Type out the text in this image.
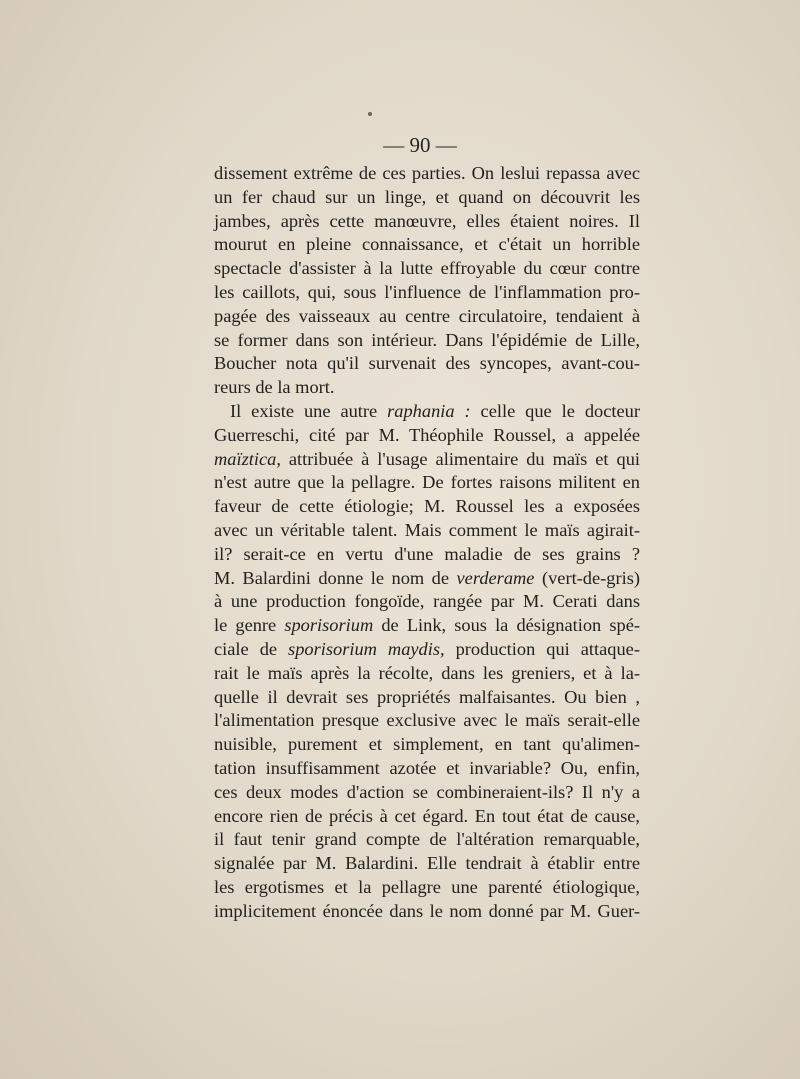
— 90 —
dissement extrême de ces parties. On leslui repassa avec
un fer chaud sur un linge, et quand on découvrit les
jambes, après cette manœuvre, elles étaient noires. Il
mourut en pleine connaissance, et c'était un horrible
spectacle d'assister à la lutte effroyable du cœur contre
les caillots, qui, sous l'influence de l'inflammation pro-
pagée des vaisseaux au centre circulatoire, tendaient à
se former dans son intérieur. Dans l'épidémie de Lille,
Boucher nota qu'il survenait des syncopes, avant-cou-
reurs de la mort.
Il existe une autre raphania : celle que le docteur
Guerreschi, cité par M. Théophile Roussel, a appelée
maïztica, attribuée à l'usage alimentaire du maïs et qui
n'est autre que la pellagre. De fortes raisons militent en
faveur de cette étiologie; M. Roussel les a exposées
avec un véritable talent. Mais comment le maïs agirait-
il? serait-ce en vertu d'une maladie de ses grains ?
M. Balardini donne le nom de verderame (vert-de-gris)
à une production fongoïde, rangée par M. Cerati dans
le genre sporisorium de Link, sous la désignation spé-
ciale de sporisorium maydis, production qui attaque-
rait le maïs après la récolte, dans les greniers, et à la-
quelle il devrait ses propriétés malfaisantes. Ou bien ,
l'alimentation presque exclusive avec le maïs serait-elle
nuisible, purement et simplement, en tant qu'alimen-
tation insuffisamment azotée et invariable? Ou, enfin,
ces deux modes d'action se combineraient-ils? Il n'y a
encore rien de précis à cet égard. En tout état de cause,
il faut tenir grand compte de l'altération remarquable,
signalée par M. Balardini. Elle tendrait à établir entre
les ergotismes et la pellagre une parenté étiologique,
implicitement énoncée dans le nom donné par M. Guer-
